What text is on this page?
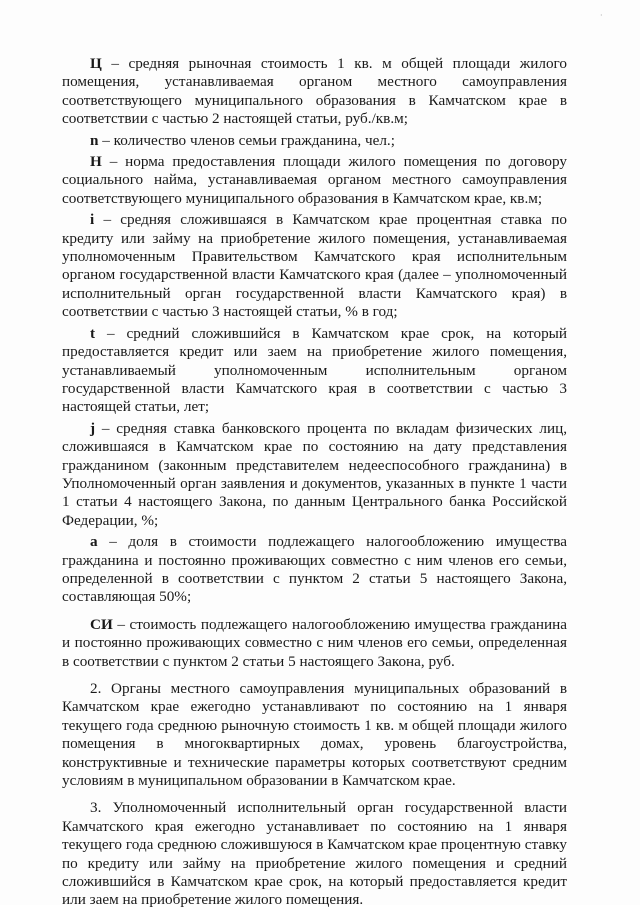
·

Ц – средняя рыночная стоимость 1 кв. м общей площади жилого помещения, устанавливаемая органом местного самоуправления соответствующего муниципального образования в Камчатском крае в соответствии с частью 2 настоящей статьи, руб./кв.м;

n – количество членов семьи гражданина, чел.;

Н – норма предоставления площади жилого помещения по договору социального найма, устанавливаемая органом местного самоуправления соответствующего муниципального образования в Камчатском крае, кв.м;

i – средняя сложившаяся в Камчатском крае процентная ставка по кредиту или займу на приобретение жилого помещения, устанавливаемая уполномоченным Правительством Камчатского края исполнительным органом государственной власти Камчатского края (далее – уполномоченный исполнительный орган государственной власти Камчатского края) в соответствии с частью 3 настоящей статьи, % в год;

t – средний сложившийся в Камчатском крае срок, на который предоставляется кредит или заем на приобретение жилого помещения, устанавливаемый уполномоченным исполнительным органом государственной власти Камчатского края в соответствии с частью 3 настоящей статьи, лет;

j – средняя ставка банковского процента по вкладам физических лиц, сложившаяся в Камчатском крае по состоянию на дату представления гражданином (законным представителем недееспособного гражданина) в Уполномоченный орган заявления и документов, указанных в пункте 1 части 1 статьи 4 настоящего Закона, по данным Центрального банка Российской Федерации, %;

а – доля в стоимости подлежащего налогообложению имущества гражданина и постоянно проживающих совместно с ним членов его семьи, определенной в соответствии с пунктом 2 статьи 5 настоящего Закона, составляющая 50%;

СИ – стоимость подлежащего налогообложению имущества гражданина и постоянно проживающих совместно с ним членов его семьи, определенная в соответствии с пунктом 2 статьи 5 настоящего Закона, руб.

2. Органы местного самоуправления муниципальных образований в Камчатском крае ежегодно устанавливают по состоянию на 1 января текущего года среднюю рыночную стоимость 1 кв. м общей площади жилого помещения в многоквартирных домах, уровень благоустройства, конструктивные и технические параметры которых соответствуют средним условиям в муниципальном образовании в Камчатском крае.

3. Уполномоченный исполнительный орган государственной власти Камчатского края ежегодно устанавливает по состоянию на 1 января текущего года среднюю сложившуюся в Камчатском крае процентную ставку по кредиту или займу на приобретение жилого помещения и средний сложившийся в Камчатском крае срок, на который предоставляется кредит или заем на приобретение жилого помещения.
